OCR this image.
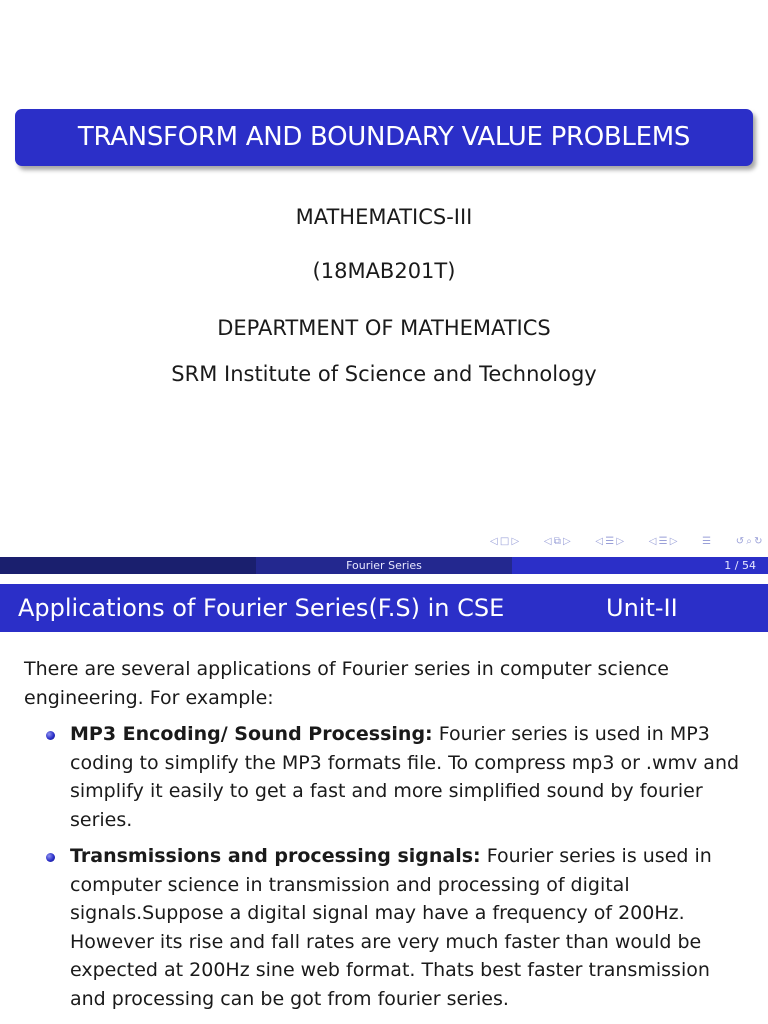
TRANSFORM AND BOUNDARY VALUE PROBLEMS
MATHEMATICS-III
(18MAB201T)
DEPARTMENT OF MATHEMATICS
SRM Institute of Science and Technology
◁ □ ▷	◁ ⧉ ▷	◁ ☰ ▷	◁ ☰ ▷	☰	↺ ⌕ ↻
Fourier Series	1 / 54
Applications of Fourier Series(F.S) in CSE	Unit-II
There are several applications of Fourier series in computer science engineering. For example:
MP3 Encoding/ Sound Processing: Fourier series is used in MP3 coding to simplify the MP3 formats file. To compress mp3 or .wmv and simplify it easily to get a fast and more simplified sound by fourier series.
Transmissions and processing signals: Fourier series is used in computer science in transmission and processing of digital signals.Suppose a digital signal may have a frequency of 200Hz. However its rise and fall rates are very much faster than would be expected at 200Hz sine web format. Thats best faster transmission and processing can be got from fourier series.
